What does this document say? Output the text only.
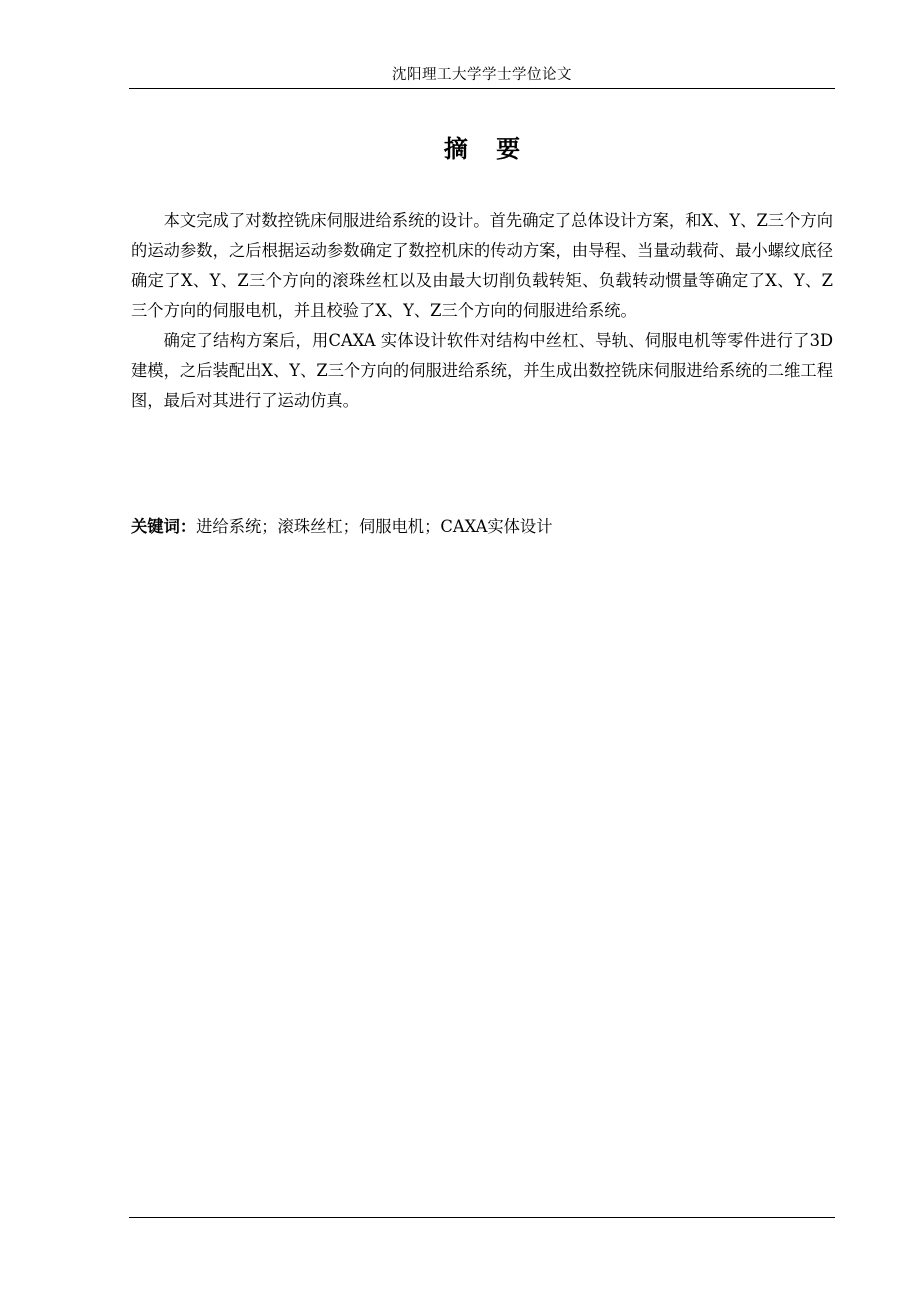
沈阳理工大学学士学位论文
摘 要

本文完成了对数控铣床伺服进给系统的设计。首先确定了总体设计方案，和X、Y、Z三个方向的运动参数，之后根据运动参数确定了数控机床的传动方案，由导程、当量动载荷、最小螺纹底径确定了X、Y、Z三个方向的滚珠丝杠以及由最大切削负载转矩、负载转动惯量等确定了X、Y、Z三个方向的伺服电机，并且校验了X、Y、Z三个方向的伺服进给系统。

确定了结构方案后，用CAXA 实体设计软件对结构中丝杠、导轨、伺服电机等零件进行了3D建模，之后装配出X、Y、Z三个方向的伺服进给系统，并生成出数控铣床伺服进给系统的二维工程图，最后对其进行了运动仿真。

关键词：进给系统；滚珠丝杠；伺服电机；CAXA实体设计
